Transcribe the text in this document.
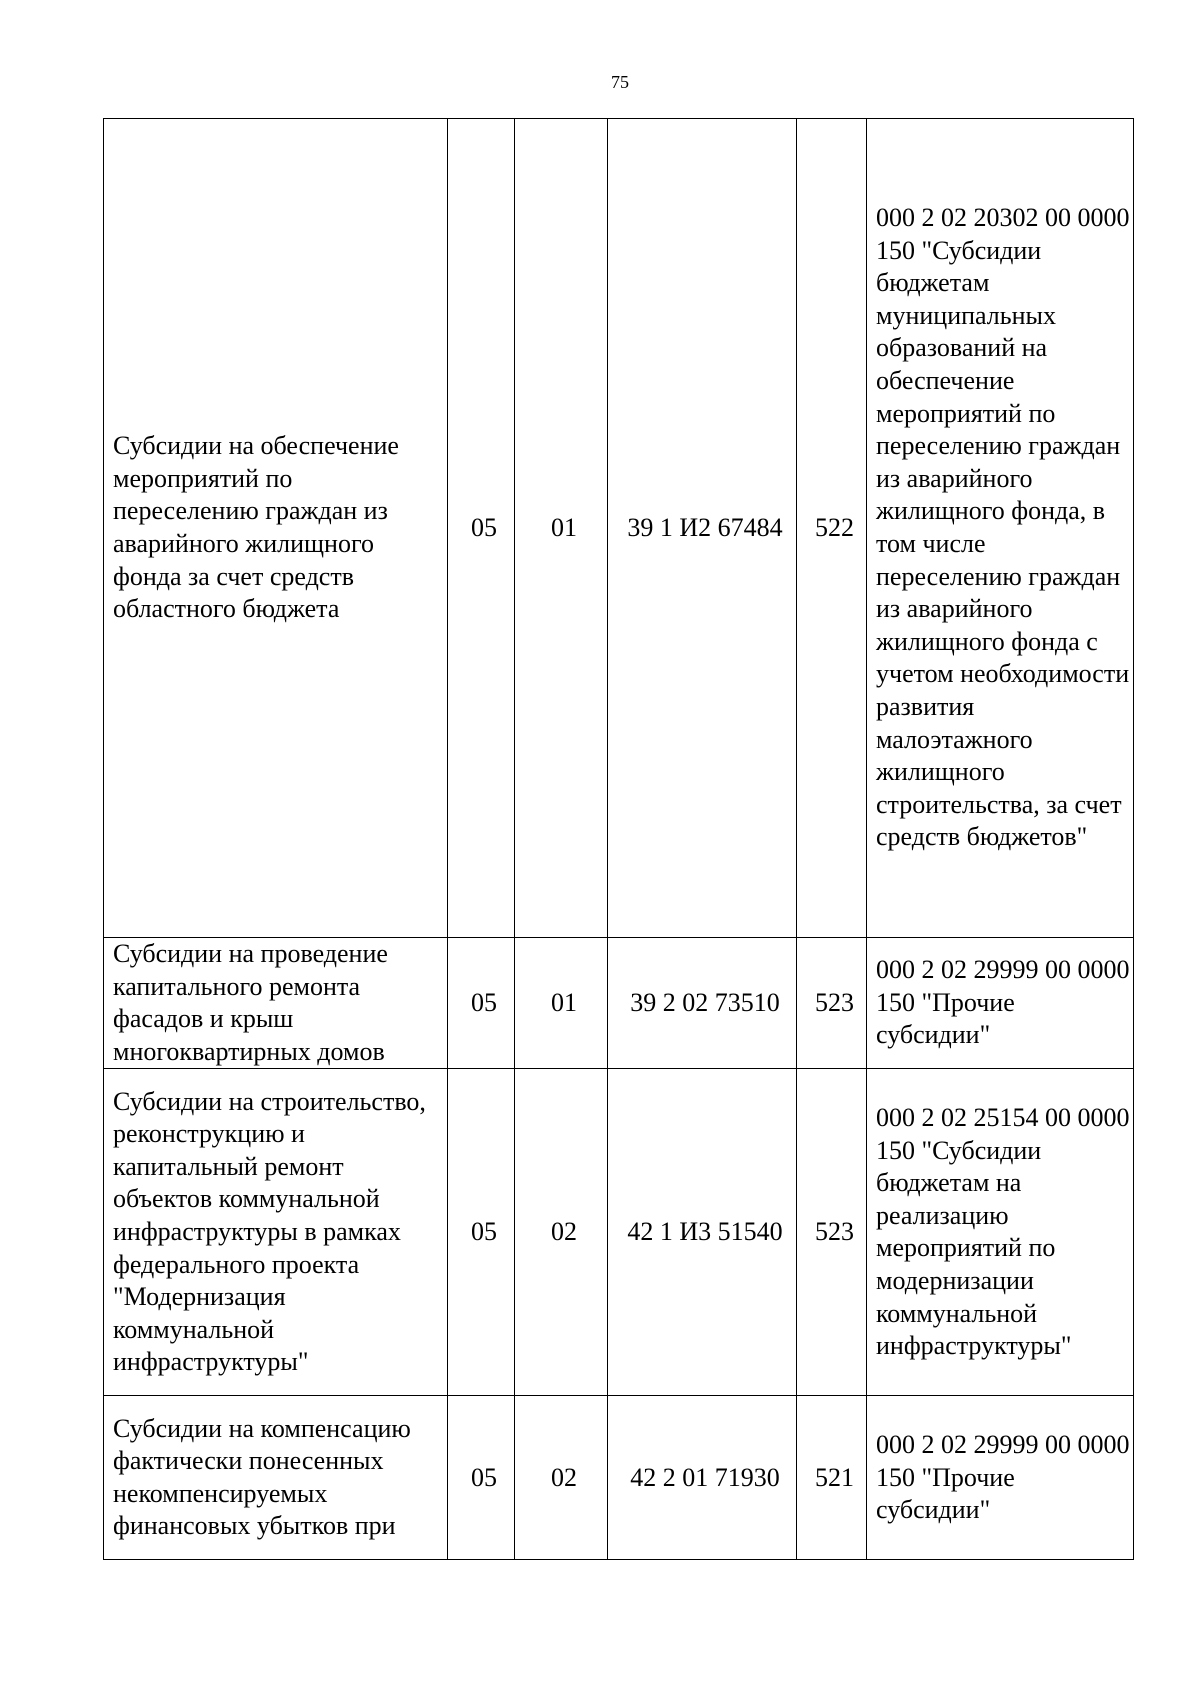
75
Субсидии на обеспечение мероприятий по переселению граждан из аварийного жилищного фонда за счет средств областного бюджета	05	01	39 1 И2 67484	522	000 2 02 20302 00 0000 150 "Субсидии бюджетам муниципальных образований на обеспечение мероприятий по переселению граждан из аварийного жилищного фонда, в том числе переселению граждан из аварийного жилищного фонда с учетом необходимости развития малоэтажного жилищного строительства, за счет средств бюджетов"
Субсидии на проведение капитального ремонта фасадов и крыш многоквартирных домов	05	01	39 2 02 73510	523	000 2 02 29999 00 0000 150 "Прочие субсидии"
Субсидии на строительство, реконструкцию и капитальный ремонт объектов коммунальной инфраструктуры в рамках федерального проекта "Модернизация коммунальной инфраструктуры"	05	02	42 1 И3 51540	523	000 2 02 25154 00 0000 150 "Субсидии бюджетам на реализацию мероприятий по модернизации коммунальной инфраструктуры"
Субсидии на компенсацию фактически понесенных некомпенсируемых финансовых убытков при	05	02	42 2 01 71930	521	000 2 02 29999 00 0000 150 "Прочие субсидии"
